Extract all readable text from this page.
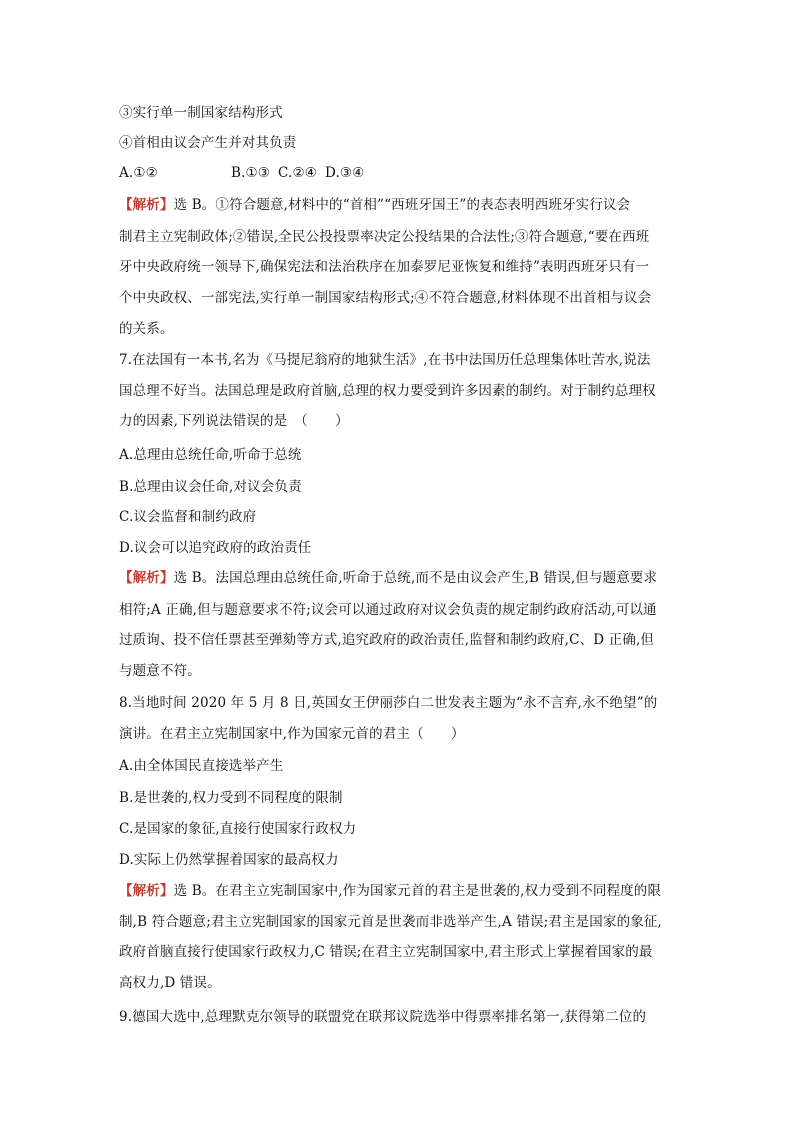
③实行单一制国家结构形式
④首相由议会产生并对其负责
A.①②	B.①③ C.②④ D.③④
【解析】选 B。①符合题意,材料中的“首相”“西班牙国王”的表态表明西班牙实行议会
制君主立宪制政体;②错误,全民公投投票率决定公投结果的合法性;③符合题意,“要在西班
牙中央政府统一领导下,确保宪法和法治秩序在加泰罗尼亚恢复和维持”表明西班牙只有一
个中央政权、一部宪法,实行单一制国家结构形式;④不符合题意,材料体现不出首相与议会
的关系。
7.在法国有一本书,名为《马提尼翁府的地狱生活》,在书中法国历任总理集体吐苦水,说法
国总理不好当。法国总理是政府首脑,总理的权力要受到许多因素的制约。对于制约总理权
力的因素,下列说法错误的是　（　　）
A.总理由总统任命,听命于总统
B.总理由议会任命,对议会负责
C.议会监督和制约政府
D.议会可以追究政府的政治责任
【解析】选 B。法国总理由总统任命,听命于总统,而不是由议会产生,B 错误,但与题意要求
相符;A 正确,但与题意要求不符;议会可以通过政府对议会负责的规定制约政府活动,可以通
过质询、投不信任票甚至弹劾等方式,追究政府的政治责任,监督和制约政府,C、D 正确,但
与题意不符。
8.当地时间 2020 年 5 月 8 日,英国女王伊丽莎白二世发表主题为“永不言弃,永不绝望”的
演讲。在君主立宪制国家中,作为国家元首的君主（　　）
A.由全体国民直接选举产生
B.是世袭的,权力受到不同程度的限制
C.是国家的象征,直接行使国家行政权力
D.实际上仍然掌握着国家的最高权力
【解析】选 B。在君主立宪制国家中,作为国家元首的君主是世袭的,权力受到不同程度的限
制,B 符合题意;君主立宪制国家的国家元首是世袭而非选举产生,A 错误;君主是国家的象征,
政府首脑直接行使国家行政权力,C 错误;在君主立宪制国家中,君主形式上掌握着国家的最
高权力,D 错误。
9.德国大选中,总理默克尔领导的联盟党在联邦议院选举中得票率排名第一,获得第二位的
